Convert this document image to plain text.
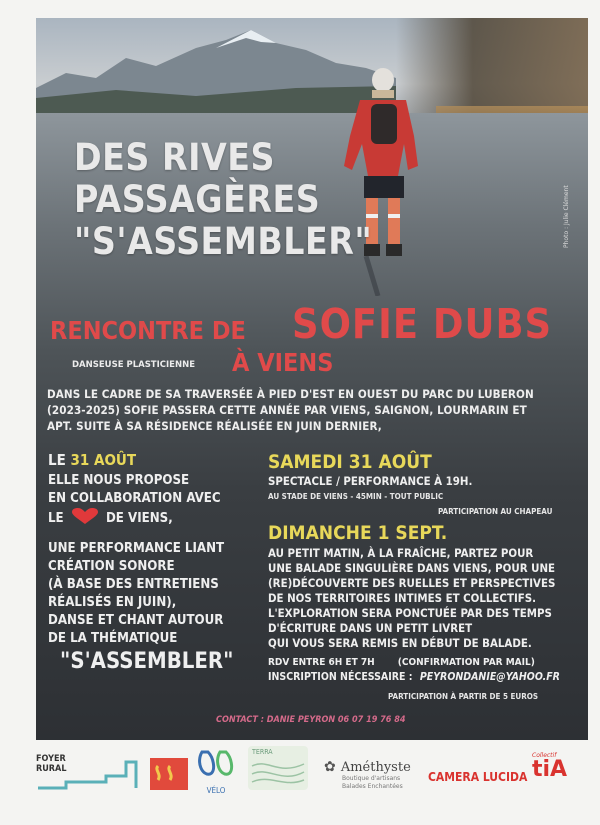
Photo : Julie Clément
DES RIVES
PASSAGÈRES
"S'ASSEMBLER"
RENCONTRE DE SOFIE DUBS
DANSEUSE PLASTICIENNE À VIENS
DANS LE CADRE DE SA TRAVERSÉE À PIED D'EST EN OUEST DU PARC DU LUBERON
(2023-2025) SOFIE PASSERA CETTE ANNÉE PAR VIENS, SAIGNON, LOURMARIN ET
APT. SUITE À SA RÉSIDENCE RÉALISÉE EN JUIN DERNIER,
LE 31 AOÛT
ELLE NOUS PROPOSE
EN COLLABORATION AVEC
LE	DE VIENS,
UNE PERFORMANCE LIANT
CRÉATION SONORE
(À BASE DES ENTRETIENS
RÉALISÉS EN JUIN),
DANSE ET CHANT AUTOUR
DE LA THÉMATIQUE
"S'ASSEMBLER"
SAMEDI 31 AOÛT
SPECTACLE / PERFORMANCE À 19H.
AU STADE DE VIENS - 45MIN - TOUT PUBLIC
PARTICIPATION AU CHAPEAU
DIMANCHE 1 SEPT.
AU PETIT MATIN, À LA FRAÎCHE, PARTEZ POUR
UNE BALADE SINGULIÈRE DANS VIENS, POUR UNE
(RE)DÉCOUVERTE DES RUELLES ET PERSPECTIVES
DE NOS TERRITOIRES INTIMES ET COLLECTIFS.
L'EXPLORATION SERA PONCTUÉE PAR DES TEMPS
D'ÉCRITURE DANS UN PETIT LIVRET
QUI VOUS SERA REMIS EN DÉBUT DE BALADE.
RDV ENTRE 6H ET 7H (CONFIRMATION PAR MAIL)
INSCRIPTION NÉCESSAIRE : PEYRONDANIE@YAHOO.FR
PARTICIPATION À PARTIR DE 5 EUROS
CONTACT : DANIE PEYRON 06 07 19 76 84
FOYER
RURAL
VÉLO
TERRA
✿ Améthyste
Boutique d'artisans
Balades Enchantées
CAMERA LUCIDA
Collectif
tiA
